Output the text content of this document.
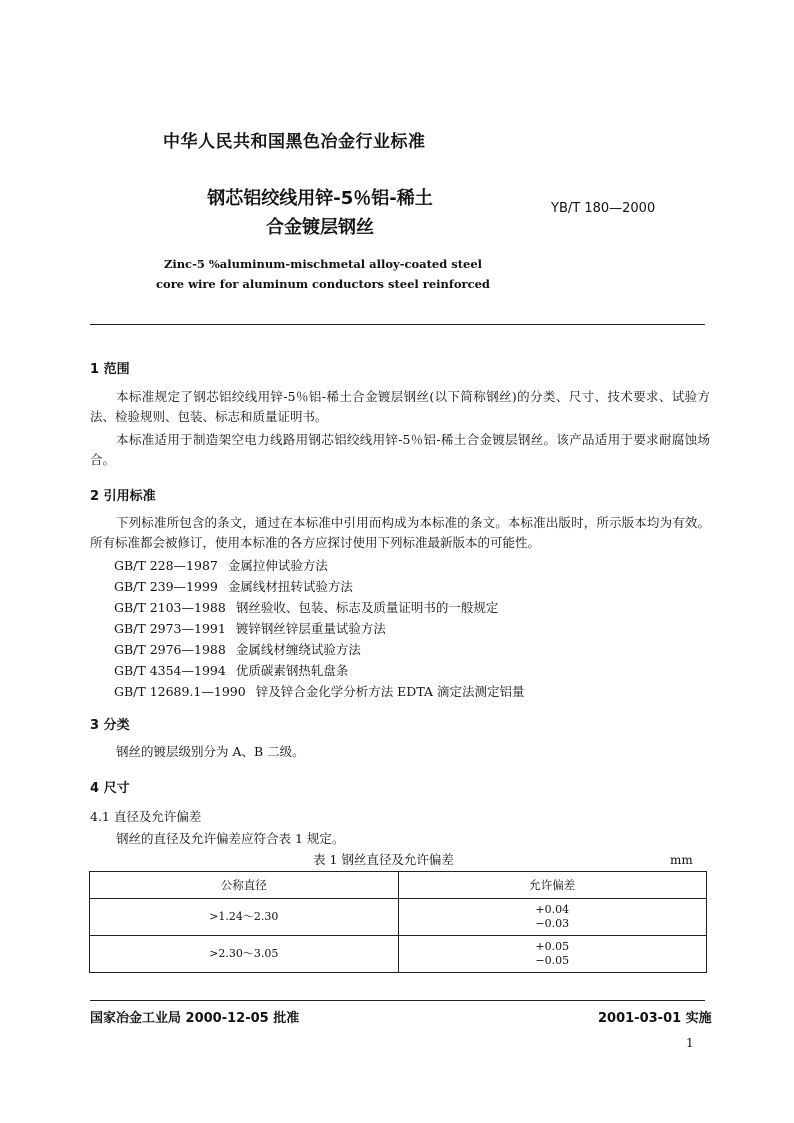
中华人民共和国黑色冶金行业标准
钢芯铝绞线用锌-5％铝-稀土
合金镀层钢丝
YB/T 180—2000
Zinc-5 %aluminum-mischmetal alloy-coated steel
core wire for aluminum conductors steel reinforced
1 范围
本标准规定了钢芯铝绞线用锌-5％铝-稀土合金镀层钢丝(以下简称钢丝)的分类、尺寸、技术要求、试验方法、检验规则、包装、标志和质量证明书。
本标准适用于制造架空电力线路用钢芯铝绞线用锌-5％铝-稀土合金镀层钢丝。该产品适用于要求耐腐蚀场合。
2 引用标准
下列标准所包含的条文，通过在本标准中引用而构成为本标准的条文。本标准出版时，所示版本均为有效。所有标准都会被修订，使用本标准的各方应探讨使用下列标准最新版本的可能性。
GB/T 228—1987 金属拉伸试验方法
GB/T 239—1999 金属线材扭转试验方法
GB/T 2103—1988 钢丝验收、包装、标志及质量证明书的一般规定
GB/T 2973—1991 镀锌钢丝锌层重量试验方法
GB/T 2976—1988 金属线材缠绕试验方法
GB/T 4354—1994 优质碳素钢热轧盘条
GB/T 12689.1—1990 锌及锌合金化学分析方法 EDTA 滴定法测定铝量
3 分类
钢丝的镀层级别分为 A、B 二级。
4 尺寸
4.1 直径及允许偏差
钢丝的直径及允许偏差应符合表 1 规定。
表 1 钢丝直径及允许偏差	mm
公称直径	允许偏差
>1.24～2.30	+0.04
−0.03

>2.30～3.05	+0.05
−0.05
国家冶金工业局 2000-12-05 批准	2001-03-01 实施
1
